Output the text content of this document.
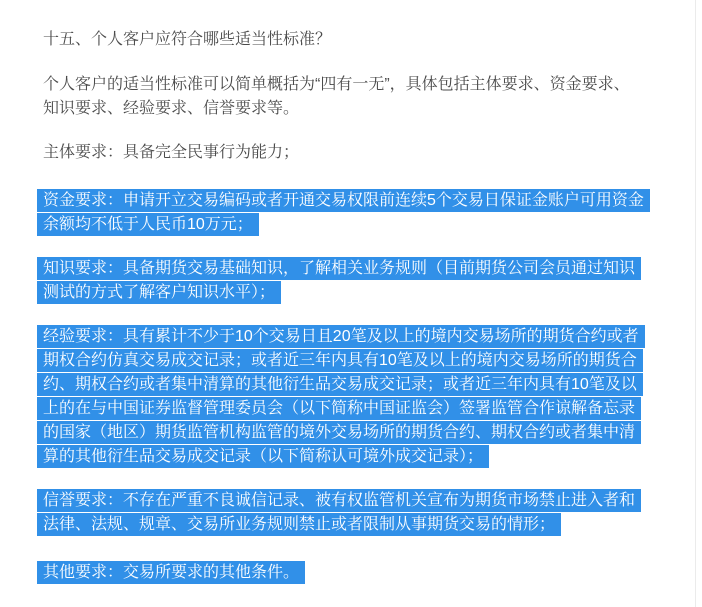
十五、个人客户应符合哪些适当性标准？

个人客户的适当性标准可以简单概括为“四有一无”，具体包括主体要求、资金要求、知识要求、经验要求、信誉要求等。

主体要求：具备完全民事行为能力；

资金要求：申请开立交易编码或者开通交易权限前连续5个交易日保证金账户可用资金余额均不低于人民币10万元；

知识要求：具备期货交易基础知识，了解相关业务规则（目前期货公司会员通过知识测试的方式了解客户知识水平）；

经验要求：具有累计不少于10个交易日且20笔及以上的境内交易场所的期货合约或者期权合约仿真交易成交记录；或者近三年内具有10笔及以上的境内交易场所的期货合约、期权合约或者集中清算的其他衍生品交易成交记录；或者近三年内具有10笔及以上的在与中国证券监督管理委员会（以下简称中国证监会）签署监管合作谅解备忘录的国家（地区）期货监管机构监管的境外交易场所的期货合约、期权合约或者集中清算的其他衍生品交易成交记录（以下简称认可境外成交记录）；

信誉要求：不存在严重不良诚信记录、被有权监管机关宣布为期货市场禁止进入者和法律、法规、规章、交易所业务规则禁止或者限制从事期货交易的情形；

其他要求：交易所要求的其他条件。
